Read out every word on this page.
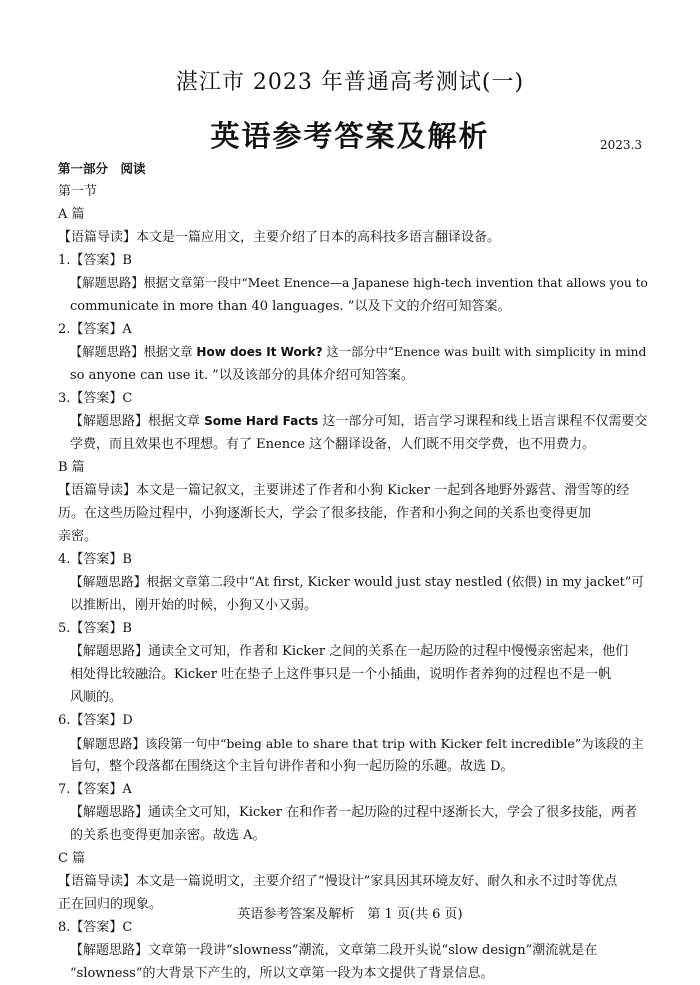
湛江市 2023 年普通高考测试(一)
英语参考答案及解析	2023.3
第一部分　阅读
第一节
A 篇
【语篇导读】本文是一篇应用文，主要介绍了日本的高科技多语言翻译设备。
1.【答案】B
【解题思路】根据文章第一段中“Meet Enence—a Japanese high-tech invention that allows you to
communicate in more than 40 languages. ”以及下文的介绍可知答案。
2.【答案】A
【解题思路】根据文章 How does It Work? 这一部分中“Enence was built with simplicity in mind
so anyone can use it. ”以及该部分的具体介绍可知答案。
3.【答案】C
【解题思路】根据文章 Some Hard Facts 这一部分可知，语言学习课程和线上语言课程不仅需要交
学费，而且效果也不理想。有了 Enence 这个翻译设备，人们既不用交学费，也不用费力。
B 篇
【语篇导读】本文是一篇记叙文，主要讲述了作者和小狗 Kicker 一起到各地野外露营、滑雪等的经
历。在这些历险过程中，小狗逐渐长大，学会了很多技能，作者和小狗之间的关系也变得更加
亲密。
4.【答案】B
【解题思路】根据文章第二段中“At first, Kicker would just stay nestled (依偎) in my jacket”可
以推断出，刚开始的时候，小狗又小又弱。
5.【答案】B
【解题思路】通读全文可知，作者和 Kicker 之间的关系在一起历险的过程中慢慢亲密起来，他们
相处得比较融洽。Kicker 吐在垫子上这件事只是一个小插曲，说明作者养狗的过程也不是一帆
风顺的。
6.【答案】D
【解题思路】该段第一句中“being able to share that trip with Kicker felt incredible”为该段的主
旨句，整个段落都在围绕这个主旨句讲作者和小狗一起历险的乐趣。故选 D。
7.【答案】A
【解题思路】通读全文可知，Kicker 在和作者一起历险的过程中逐渐长大，学会了很多技能，两者
的关系也变得更加亲密。故选 A。
C 篇
【语篇导读】本文是一篇说明文，主要介绍了“慢设计”家具因其环境友好、耐久和永不过时等优点
正在回归的现象。
8.【答案】C
【解题思路】文章第一段讲“slowness”潮流，文章第二段开头说“slow design”潮流就是在
“slowness”的大背景下产生的，所以文章第一段为本文提供了背景信息。
英语参考答案及解析　第 1 页(共 6 页)
